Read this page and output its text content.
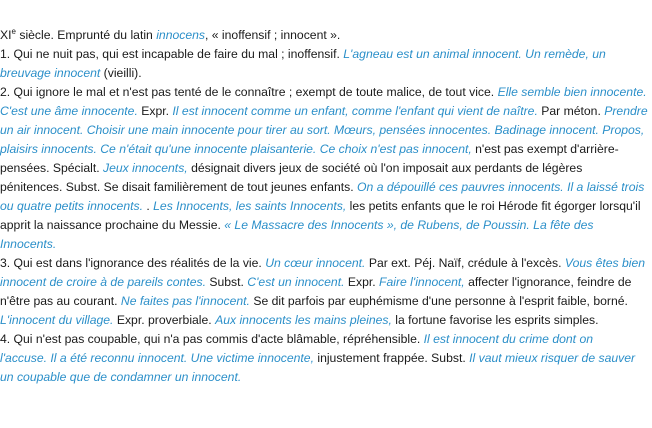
XIe siècle. Emprunté du latin innocens, « inoffensif ; innocent ».
1. Qui ne nuit pas, qui est incapable de faire du mal ; inoffensif. L'agneau est un animal innocent. Un remède, un
breuvage innocent (vieilli).
2. Qui ignore le mal et n'est pas tenté de le connaître ; exempt de toute malice, de tout vice. Elle semble bien innocente.
C'est une âme innocente. Expr. Il est innocent comme un enfant, comme l'enfant qui vient de naître. Par méton. Prendre
un air innocent. Choisir une main innocente pour tirer au sort. Mœurs, pensées innocentes. Badinage innocent. Propos,
plaisirs innocents. Ce n'était qu'une innocente plaisanterie. Ce choix n'est pas innocent, n'est pas exempt d'arrière-
pensées. Spécialt. Jeux innocents, désignait divers jeux de société où l'on imposait aux perdants de légères
pénitences. Subst. Se disait familièrement de tout jeunes enfants. On a dépouillé ces pauvres innocents. Il a laissé trois
ou quatre petits innocents. . Les Innocents, les saints Innocents, les petits enfants que le roi Hérode fit égorger lorsqu'il
apprit la naissance prochaine du Messie. « Le Massacre des Innocents », de Rubens, de Poussin. La fête des
Innocents.
3. Qui est dans l'ignorance des réalités de la vie. Un cœur innocent. Par ext. Péj. Naïf, crédule à l'excès. Vous êtes bien
innocent de croire à de pareils contes. Subst. C'est un innocent. Expr. Faire l'innocent, affecter l'ignorance, feindre de
n'être pas au courant. Ne faites pas l'innocent. Se dit parfois par euphémisme d'une personne à l'esprit faible, borné.
L'innocent du village. Expr. proverbiale. Aux innocents les mains pleines, la fortune favorise les esprits simples.
4. Qui n'est pas coupable, qui n'a pas commis d'acte blâmable, répréhensible. Il est innocent du crime dont on
l'accuse. Il a été reconnu innocent. Une victime innocente, injustement frappée. Subst. Il vaut mieux risquer de sauver
un coupable que de condamner un innocent.
